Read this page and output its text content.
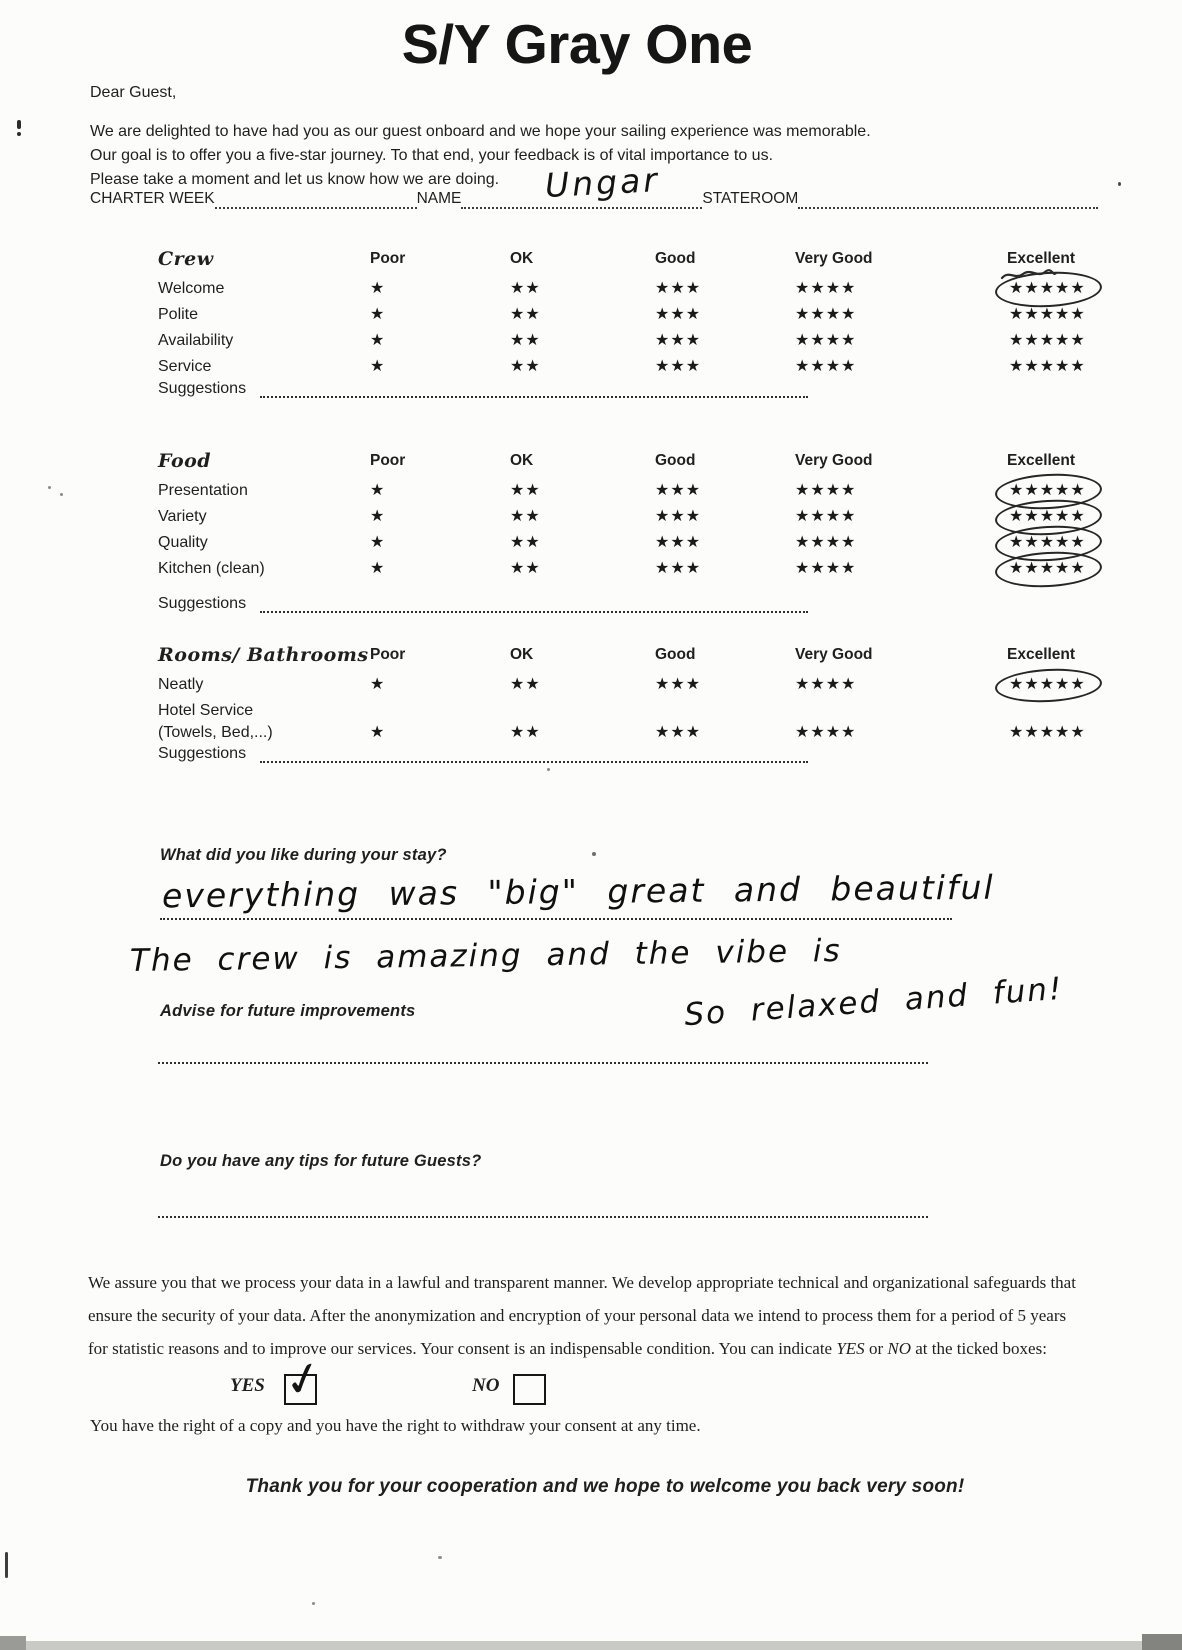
S/Y Gray One
Dear Guest,
We are delighted to have had you as our guest onboard and we hope your sailing experience was memorable.
Our goal is to offer you a five-star journey. To that end, your feedback is of vital importance to us.
Please take a moment and let us know how we are doing.
CHARTER WEEK	NAME	Ungar	STATEROOM
Crew	Poor	OK	Good	Very Good	Excellent
Welcome	★	★★	★★★	★★★★	★★★★★
Polite	★	★★	★★★	★★★★	★★★★★
Availability	★	★★	★★★	★★★★	★★★★★
Service	★	★★	★★★	★★★★	★★★★★
Suggestions
Food	Poor	OK	Good	Very Good	Excellent
Presentation	★	★★	★★★	★★★★	★★★★★
Variety	★	★★	★★★	★★★★	★★★★★
Quality	★	★★	★★★	★★★★	★★★★★
Kitchen (clean)	★	★★	★★★	★★★★	★★★★★
Suggestions
Rooms/ Bathrooms Poor	OK	Good	Very Good	Excellent
Neatly	★	★★	★★★	★★★★	★★★★★
Hotel Service
(Towels, Bed,...)	★	★★	★★★	★★★★	★★★★★
Suggestions
What did you like during your stay?
everything was "big" great and beautiful
The crew is amazing and the vibe is
So relaxed and fun!
Advise for future improvements
Do you have any tips for future Guests?
We assure you that we process your data in a lawful and transparent manner. We develop appropriate technical and organizational safeguards that
ensure the security of your data. After the anonymization and encryption of your personal data we intend to process them for a period of 5 years
for statistic reasons and to improve our services. Your consent is an indispensable condition. You can indicate YES or NO at the ticked boxes:
YES ✓	NO
You have the right of a copy and you have the right to withdraw your consent at any time.
Thank you for your cooperation and we hope to welcome you back very soon!
